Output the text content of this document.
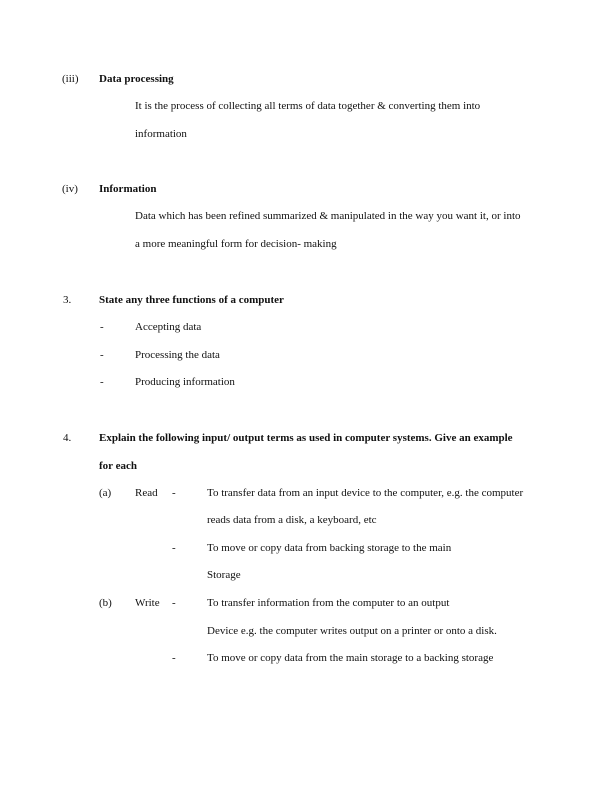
(iii) Data processing
It is the process of collecting all terms of data together & converting them into
information
(iv) Information
Data which has been refined summarized & manipulated in the way you want it, or into
a more meaningful form for decision- making
3.	State any three functions of a computer
-	Accepting data
-	Processing the data
-	Producing information
4.	Explain the following input/ output terms as used in computer systems. Give an example
for each
(a) Read -	To transfer data from an input device to the computer, e.g. the computer
reads data from a disk, a keyboard, etc
-	To move or copy data from backing storage to the main
Storage
(b) Write -	To transfer information from the computer to an output
Device e.g. the computer writes output on a printer or onto a disk.
-	To move or copy data from the main storage to a backing storage
